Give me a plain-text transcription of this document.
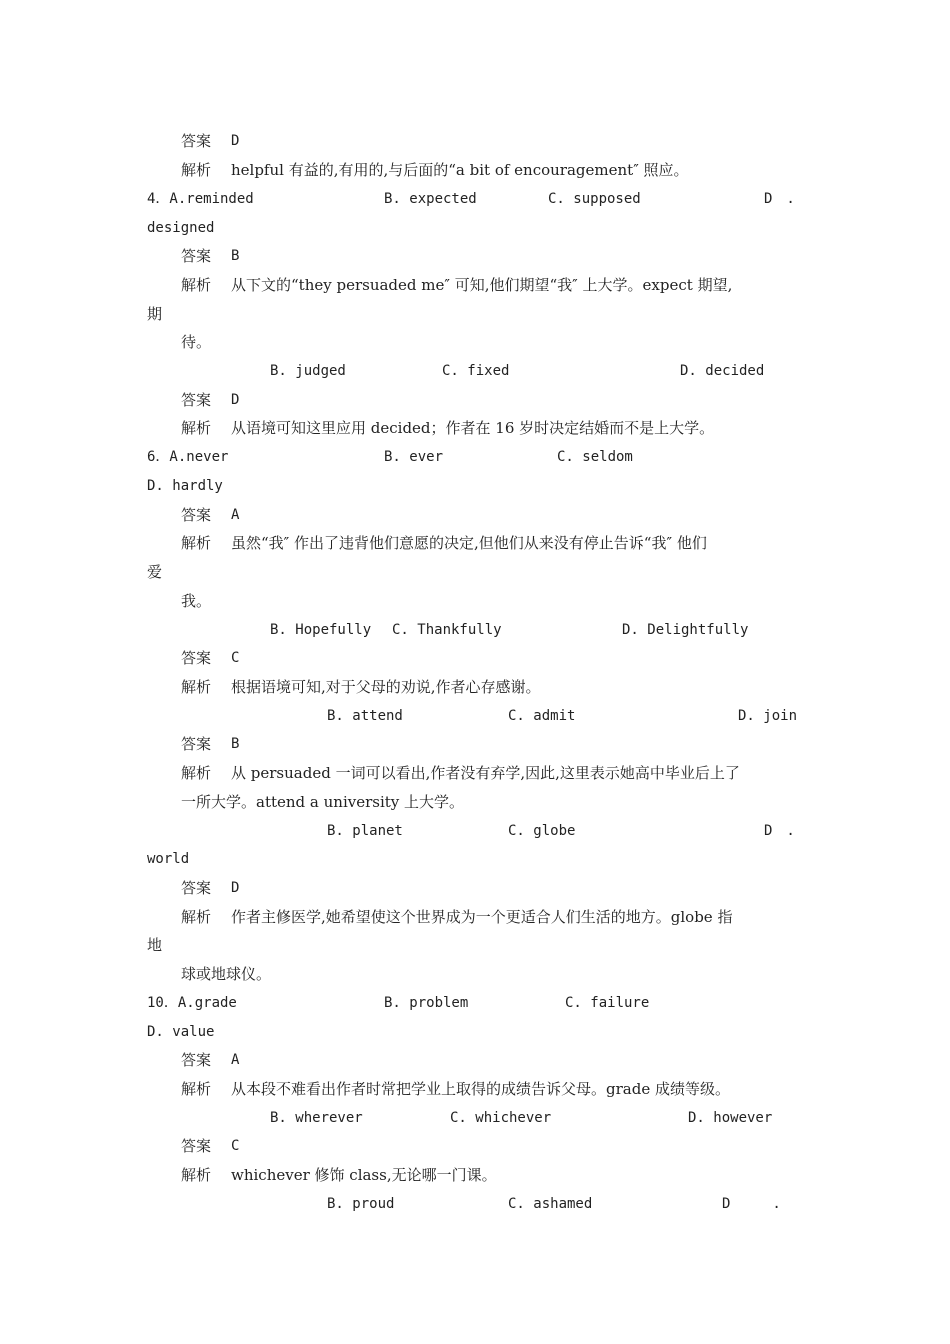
答案 D
解析 helpful 有益的,有用的,与后面的“a bit of encouragement″ 照应。
4．A.reminded	B. expected	C. supposed	D　.
designed
答案 B
解析 从下文的“they persuaded me″ 可知,他们期望“我″ 上大学。expect 期望,
期
待。
B. judged	C. fixed	D. decided
答案 D
解析 从语境可知这里应用 decided；作者在 16 岁时决定结婚而不是上大学。
6．A.never	B. ever	C. seldom
D. hardly
答案 A
解析 虽然“我″ 作出了违背他们意愿的决定,但他们从来没有停止告诉“我″ 他们
爱
我。
B. Hopefully C. Thankfully	D. Delightfully
答案 C
解析 根据语境可知,对于父母的劝说,作者心存感谢。
B. attend	C. admit	D. join
答案 B
解析 从 persuaded 一词可以看出,作者没有弃学,因此,这里表示她高中毕业后上了
一所大学。attend a university 上大学。
B. planet	C. globe	D　.
world
答案 D
解析 作者主修医学,她希望使这个世界成为一个更适合人们生活的地方。globe 指
地
球或地球仪。
10．A.grade	B. problem	C. failure
D. value
答案 A
解析 从本段不难看出作者时常把学业上取得的成绩告诉父母。grade 成绩等级。
B. wherever	C. whichever	D. however
答案 C
解析 whichever 修饰 class,无论哪一门课。
B. proud	C. ashamed	D　　　.
